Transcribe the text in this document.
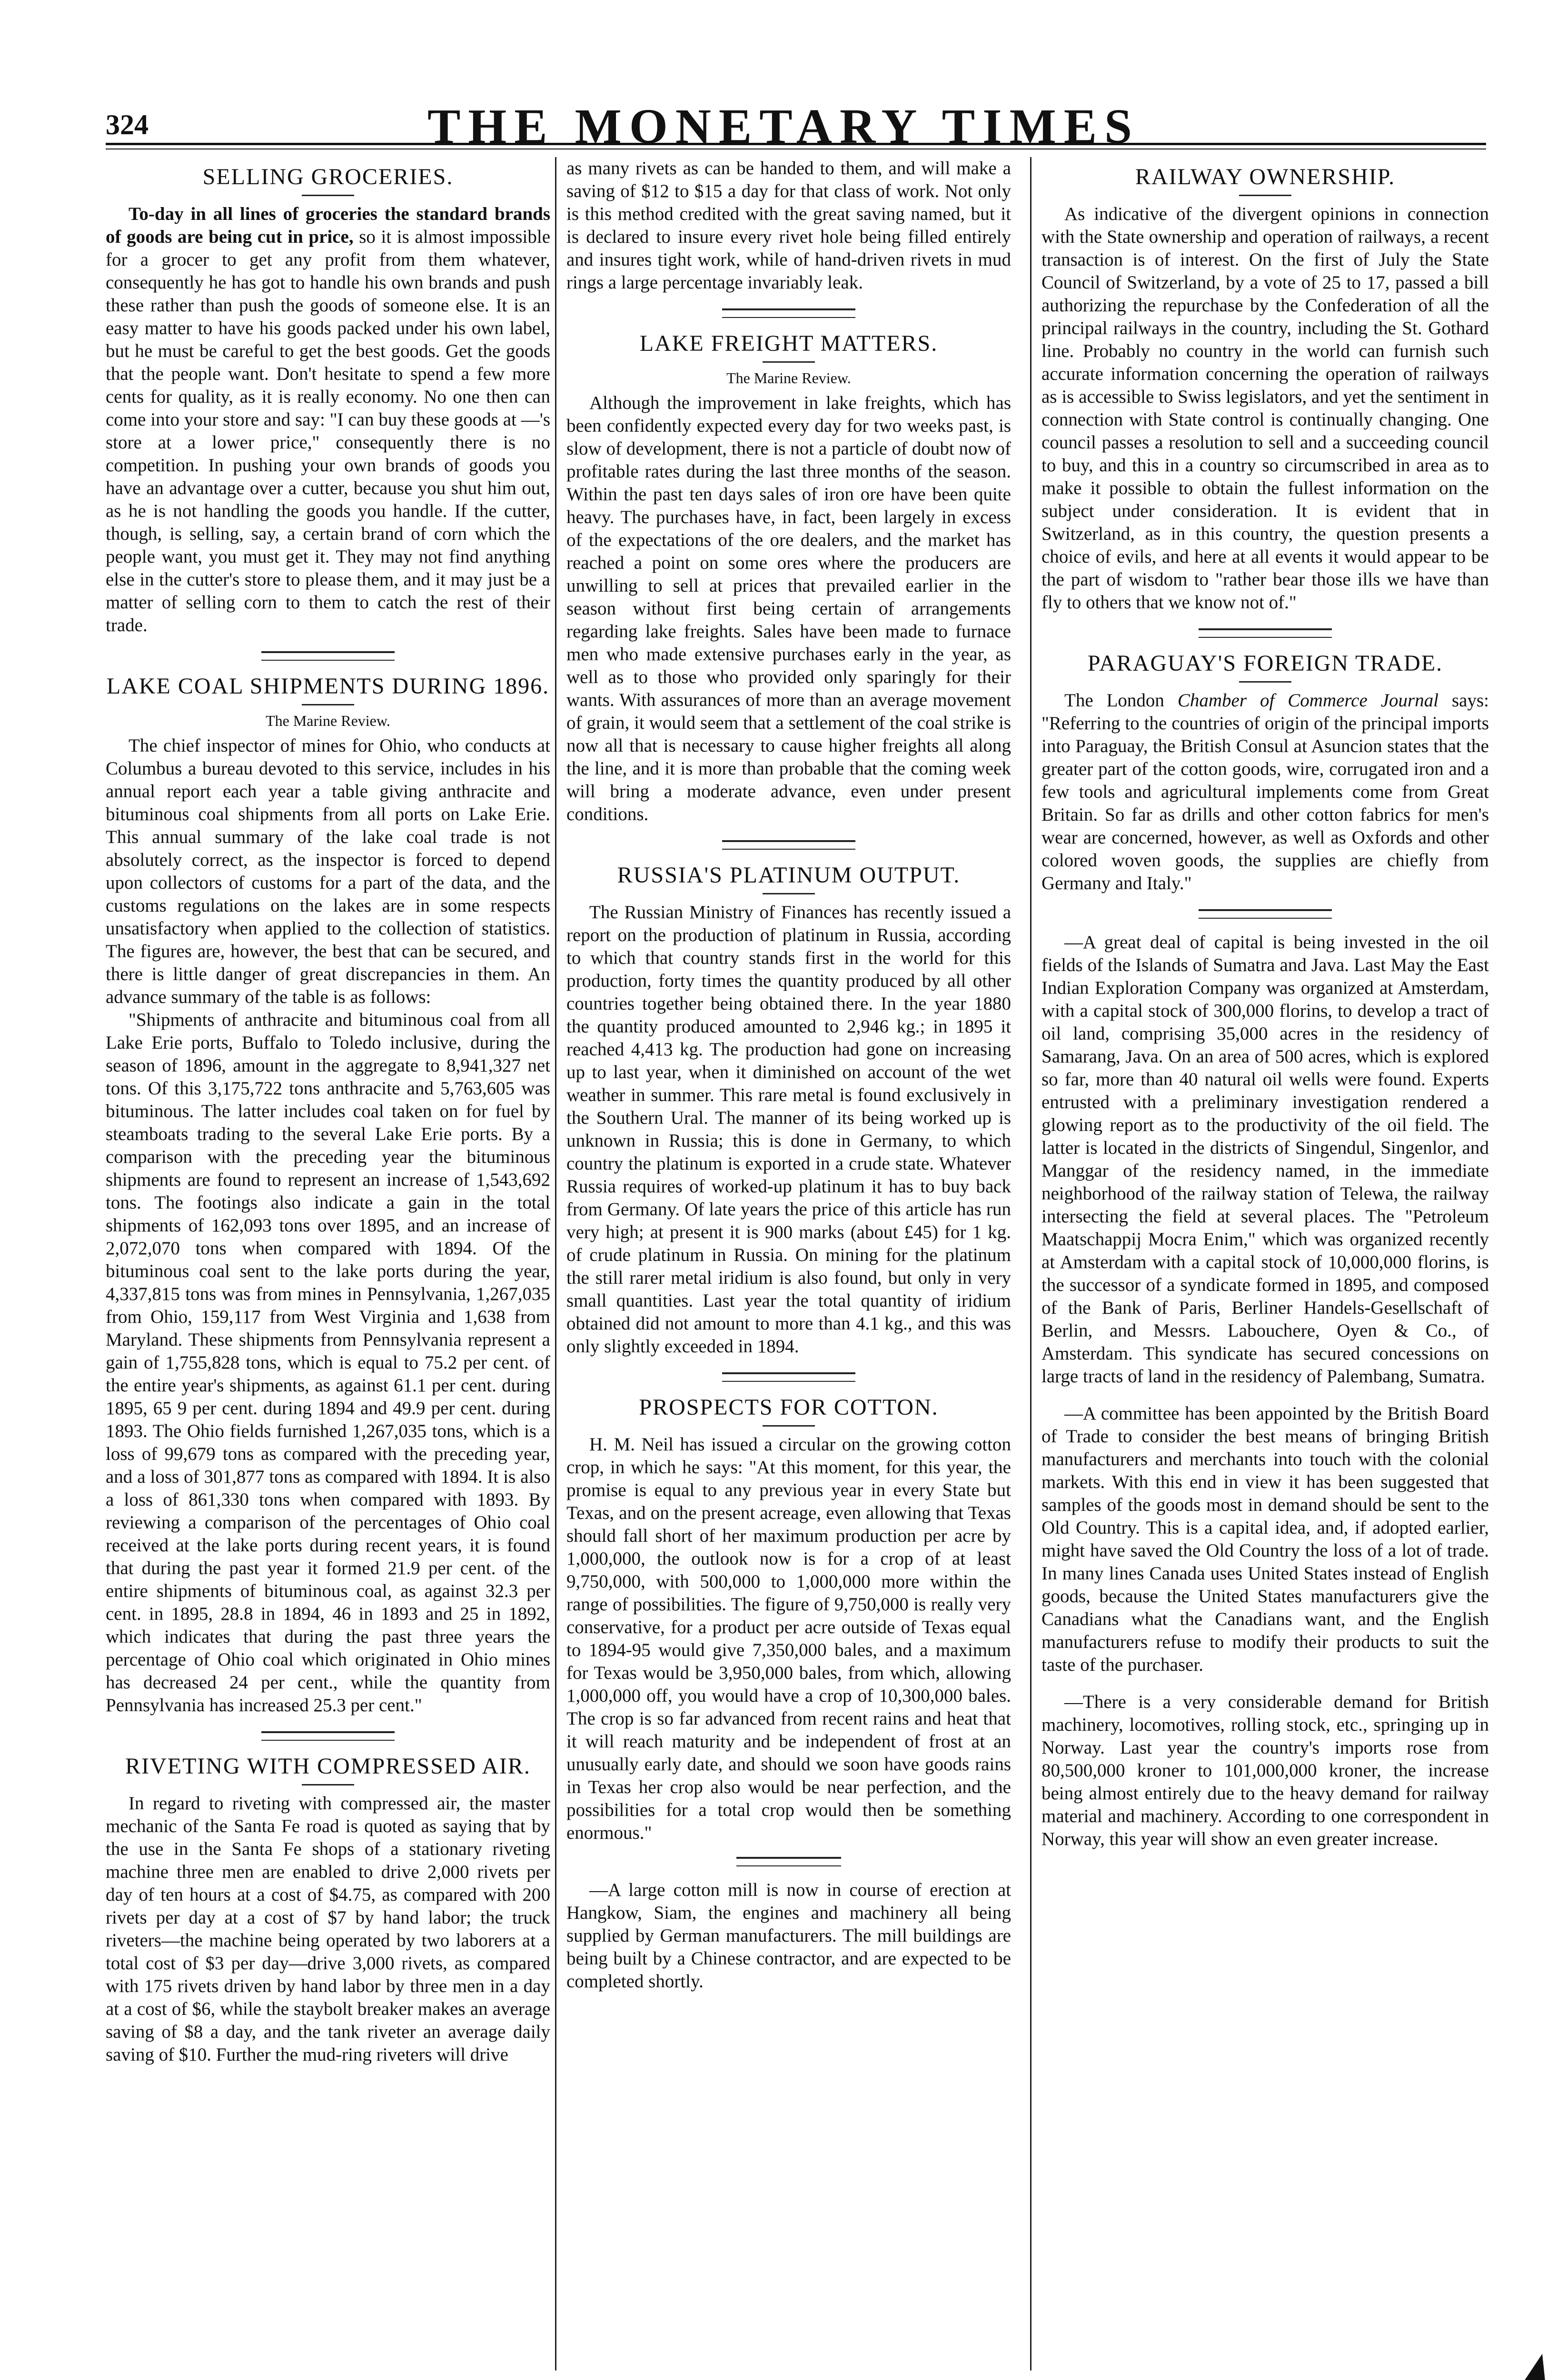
324	THE MONETARY TIMES
SELLING GROCERIES.

To-day in all lines of groceries the standard brands of goods are being cut in price, so it is almost impossible for a grocer to get any profit from them whatever, consequently he has got to handle his own brands and push these rather than push the goods of someone else. It is an easy matter to have his goods packed under his own label, but he must be careful to get the best goods. Get the goods that the people want. Don't hesitate to spend a few more cents for quality, as it is really economy. No one then can come into your store and say: "I can buy these goods at —'s store at a lower price," consequently there is no competition. In pushing your own brands of goods you have an advantage over a cutter, because you shut him out, as he is not handling the goods you handle. If the cutter, though, is selling, say, a certain brand of corn which the people want, you must get it. They may not find anything else in the cutter's store to please them, and it may just be a matter of selling corn to them to catch the rest of their trade.

LAKE COAL SHIPMENTS DURING 1896.
The Marine Review.

The chief inspector of mines for Ohio, who conducts at Columbus a bureau devoted to this service, includes in his annual report each year a table giving anthracite and bituminous coal shipments from all ports on Lake Erie. This annual summary of the lake coal trade is not absolutely correct, as the inspector is forced to depend upon collectors of customs for a part of the data, and the customs regulations on the lakes are in some respects unsatisfactory when applied to the collection of statistics. The figures are, however, the best that can be secured, and there is little danger of great discrepancies in them. An advance summary of the table is as follows:

"Shipments of anthracite and bituminous coal from all Lake Erie ports, Buffalo to Toledo inclusive, during the season of 1896, amount in the aggregate to 8,941,327 net tons. Of this 3,175,722 tons anthracite and 5,763,605 was bituminous. The latter includes coal taken on for fuel by steamboats trading to the several Lake Erie ports. By a comparison with the preceding year the bituminous shipments are found to represent an increase of 1,543,692 tons. The footings also indicate a gain in the total shipments of 162,093 tons over 1895, and an increase of 2,072,070 tons when compared with 1894. Of the bituminous coal sent to the lake ports during the year, 4,337,815 tons was from mines in Pennsylvania, 1,267,035 from Ohio, 159,117 from West Virginia and 1,638 from Maryland. These shipments from Pennsylvania represent a gain of 1,755,828 tons, which is equal to 75.2 per cent. of the entire year's shipments, as against 61.1 per cent. during 1895, 65 9 per cent. during 1894 and 49.9 per cent. during 1893. The Ohio fields furnished 1,267,035 tons, which is a loss of 99,679 tons as compared with the preceding year, and a loss of 301,877 tons as compared with 1894. It is also a loss of 861,330 tons when compared with 1893. By reviewing a comparison of the percentages of Ohio coal received at the lake ports during recent years, it is found that during the past year it formed 21.9 per cent. of the entire shipments of bituminous coal, as against 32.3 per cent. in 1895, 28.8 in 1894, 46 in 1893 and 25 in 1892, which indicates that during the past three years the percentage of Ohio coal which originated in Ohio mines has decreased 24 per cent., while the quantity from Pennsylvania has increased 25.3 per cent."

RIVETING WITH COMPRESSED AIR.

In regard to riveting with compressed air, the master mechanic of the Santa Fe road is quoted as saying that by the use in the Santa Fe shops of a stationary riveting machine three men are enabled to drive 2,000 rivets per day of ten hours at a cost of $4.75, as compared with 200 rivets per day at a cost of $7 by hand labor; the truck riveters—the machine being operated by two laborers at a total cost of $3 per day—drive 3,000 rivets, as compared with 175 rivets driven by hand labor by three men in a day at a cost of $6, while the staybolt breaker makes an average saving of $8 a day, and the tank riveter an average daily saving of $10. Further the mud-ring riveters will drive

as many rivets as can be handed to them, and will make a saving of $12 to $15 a day for that class of work. Not only is this method credited with the great saving named, but it is declared to insure every rivet hole being filled entirely and insures tight work, while of hand-driven rivets in mud rings a large percentage invariably leak.

LAKE FREIGHT MATTERS.
The Marine Review.

Although the improvement in lake freights, which has been confidently expected every day for two weeks past, is slow of development, there is not a particle of doubt now of profitable rates during the last three months of the season. Within the past ten days sales of iron ore have been quite heavy. The purchases have, in fact, been largely in excess of the expectations of the ore dealers, and the market has reached a point on some ores where the producers are unwilling to sell at prices that prevailed earlier in the season without first being certain of arrangements regarding lake freights. Sales have been made to furnace men who made extensive purchases early in the year, as well as to those who provided only sparingly for their wants. With assurances of more than an average movement of grain, it would seem that a settlement of the coal strike is now all that is necessary to cause higher freights all along the line, and it is more than probable that the coming week will bring a moderate advance, even under present conditions.

RUSSIA'S PLATINUM OUTPUT.

The Russian Ministry of Finances has recently issued a report on the production of platinum in Russia, according to which that country stands first in the world for this production, forty times the quantity produced by all other countries together being obtained there. In the year 1880 the quantity produced amounted to 2,946 kg.; in 1895 it reached 4,413 kg. The production had gone on increasing up to last year, when it diminished on account of the wet weather in summer. This rare metal is found exclusively in the Southern Ural. The manner of its being worked up is unknown in Russia; this is done in Germany, to which country the platinum is exported in a crude state. Whatever Russia requires of worked-up platinum it has to buy back from Germany. Of late years the price of this article has run very high; at present it is 900 marks (about £45) for 1 kg. of crude platinum in Russia. On mining for the platinum the still rarer metal iridium is also found, but only in very small quantities. Last year the total quantity of iridium obtained did not amount to more than 4.1 kg., and this was only slightly exceeded in 1894.

PROSPECTS FOR COTTON.

H. M. Neil has issued a circular on the growing cotton crop, in which he says: "At this moment, for this year, the promise is equal to any previous year in every State but Texas, and on the present acreage, even allowing that Texas should fall short of her maximum production per acre by 1,000,000, the outlook now is for a crop of at least 9,750,000, with 500,000 to 1,000,000 more within the range of possibilities. The figure of 9,750,000 is really very conservative, for a product per acre outside of Texas equal to 1894-95 would give 7,350,000 bales, and a maximum for Texas would be 3,950,000 bales, from which, allowing 1,000,000 off, you would have a crop of 10,300,000 bales. The crop is so far advanced from recent rains and heat that it will reach maturity and be independent of frost at an unusually early date, and should we soon have goods rains in Texas her crop also would be near perfection, and the possibilities for a total crop would then be something enormous."

—A large cotton mill is now in course of erection at Hangkow, Siam, the engines and machinery all being supplied by German manufacturers. The mill buildings are being built by a Chinese contractor, and are expected to be completed shortly.

RAILWAY OWNERSHIP.

As indicative of the divergent opinions in connection with the State ownership and operation of railways, a recent transaction is of interest. On the first of July the State Council of Switzerland, by a vote of 25 to 17, passed a bill authorizing the repurchase by the Confederation of all the principal railways in the country, including the St. Gothard line. Probably no country in the world can furnish such accurate information concerning the operation of railways as is accessible to Swiss legislators, and yet the sentiment in connection with State control is continually changing. One council passes a resolution to sell and a succeeding council to buy, and this in a country so circumscribed in area as to make it possible to obtain the fullest information on the subject under consideration. It is evident that in Switzerland, as in this country, the question presents a choice of evils, and here at all events it would appear to be the part of wisdom to "rather bear those ills we have than fly to others that we know not of."

PARAGUAY'S FOREIGN TRADE.

The London Chamber of Commerce Journal says: "Referring to the countries of origin of the principal imports into Paraguay, the British Consul at Asuncion states that the greater part of the cotton goods, wire, corrugated iron and a few tools and agricultural implements come from Great Britain. So far as drills and other cotton fabrics for men's wear are concerned, however, as well as Oxfords and other colored woven goods, the supplies are chiefly from Germany and Italy."

—A great deal of capital is being invested in the oil fields of the Islands of Sumatra and Java. Last May the East Indian Exploration Company was organized at Amsterdam, with a capital stock of 300,000 florins, to develop a tract of oil land, comprising 35,000 acres in the residency of Samarang, Java. On an area of 500 acres, which is explored so far, more than 40 natural oil wells were found. Experts entrusted with a preliminary investigation rendered a glowing report as to the productivity of the oil field. The latter is located in the districts of Singendul, Singenlor, and Manggar of the residency named, in the immediate neighborhood of the railway station of Telewa, the railway intersecting the field at several places. The "Petroleum Maatschappij Mocra Enim," which was organized recently at Amsterdam with a capital stock of 10,000,000 florins, is the successor of a syndicate formed in 1895, and composed of the Bank of Paris, Berliner Handels-Gesellschaft of Berlin, and Messrs. Labouchere, Oyen & Co., of Amsterdam. This syndicate has secured concessions on large tracts of land in the residency of Palembang, Sumatra.

—A committee has been appointed by the British Board of Trade to consider the best means of bringing British manufacturers and merchants into touch with the colonial markets. With this end in view it has been suggested that samples of the goods most in demand should be sent to the Old Country. This is a capital idea, and, if adopted earlier, might have saved the Old Country the loss of a lot of trade. In many lines Canada uses United States instead of English goods, because the United States manufacturers give the Canadians what the Canadians want, and the English manufacturers refuse to modify their products to suit the taste of the purchaser.

—There is a very considerable demand for British machinery, locomotives, rolling stock, etc., springing up in Norway. Last year the country's imports rose from 80,500,000 kroner to 101,000,000 kroner, the increase being almost entirely due to the heavy demand for railway material and machinery. According to one correspondent in Norway, this year will show an even greater increase.
